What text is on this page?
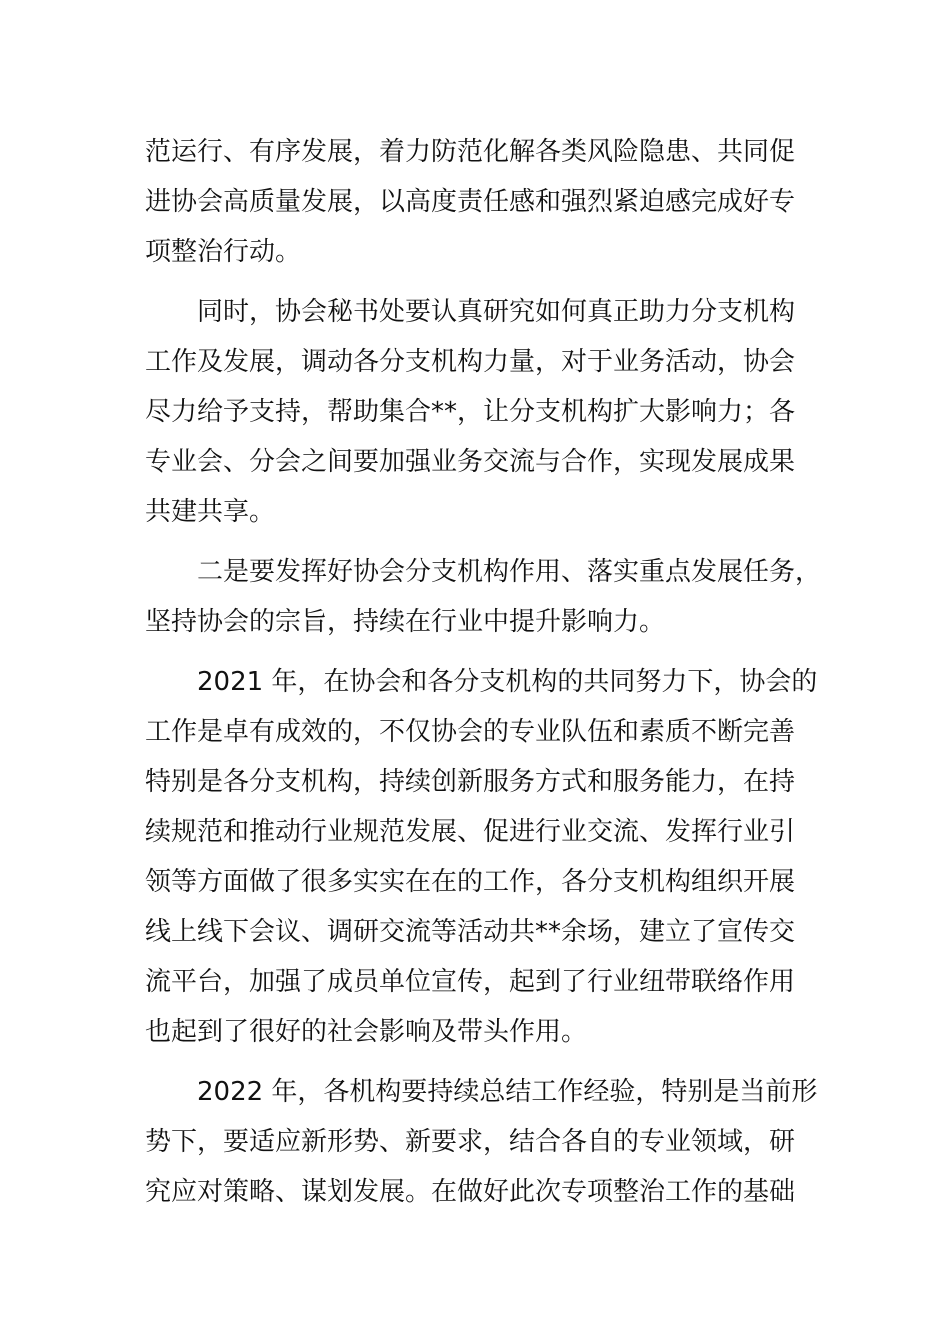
范运行、有序发展，着力防范化解各类风险隐患、共同促
进协会高质量发展，以高度责任感和强烈紧迫感完成好专
项整治行动。
同时，协会秘书处要认真研究如何真正助力分支机构
工作及发展，调动各分支机构力量，对于业务活动，协会
尽力给予支持，帮助集合**，让分支机构扩大影响力；各
专业会、分会之间要加强业务交流与合作，实现发展成果
共建共享。
二是要发挥好协会分支机构作用、落实重点发展任务，
坚持协会的宗旨，持续在行业中提升影响力。
2021 年，在协会和各分支机构的共同努力下，协会的
工作是卓有成效的，不仅协会的专业队伍和素质不断完善
特别是各分支机构，持续创新服务方式和服务能力，在持
续规范和推动行业规范发展、促进行业交流、发挥行业引
领等方面做了很多实实在在的工作，各分支机构组织开展
线上线下会议、调研交流等活动共**余场，建立了宣传交
流平台，加强了成员单位宣传，起到了行业纽带联络作用
也起到了很好的社会影响及带头作用。
2022 年，各机构要持续总结工作经验，特别是当前形
势下，要适应新形势、新要求，结合各自的专业领域，研
究应对策略、谋划发展。在做好此次专项整治工作的基础
